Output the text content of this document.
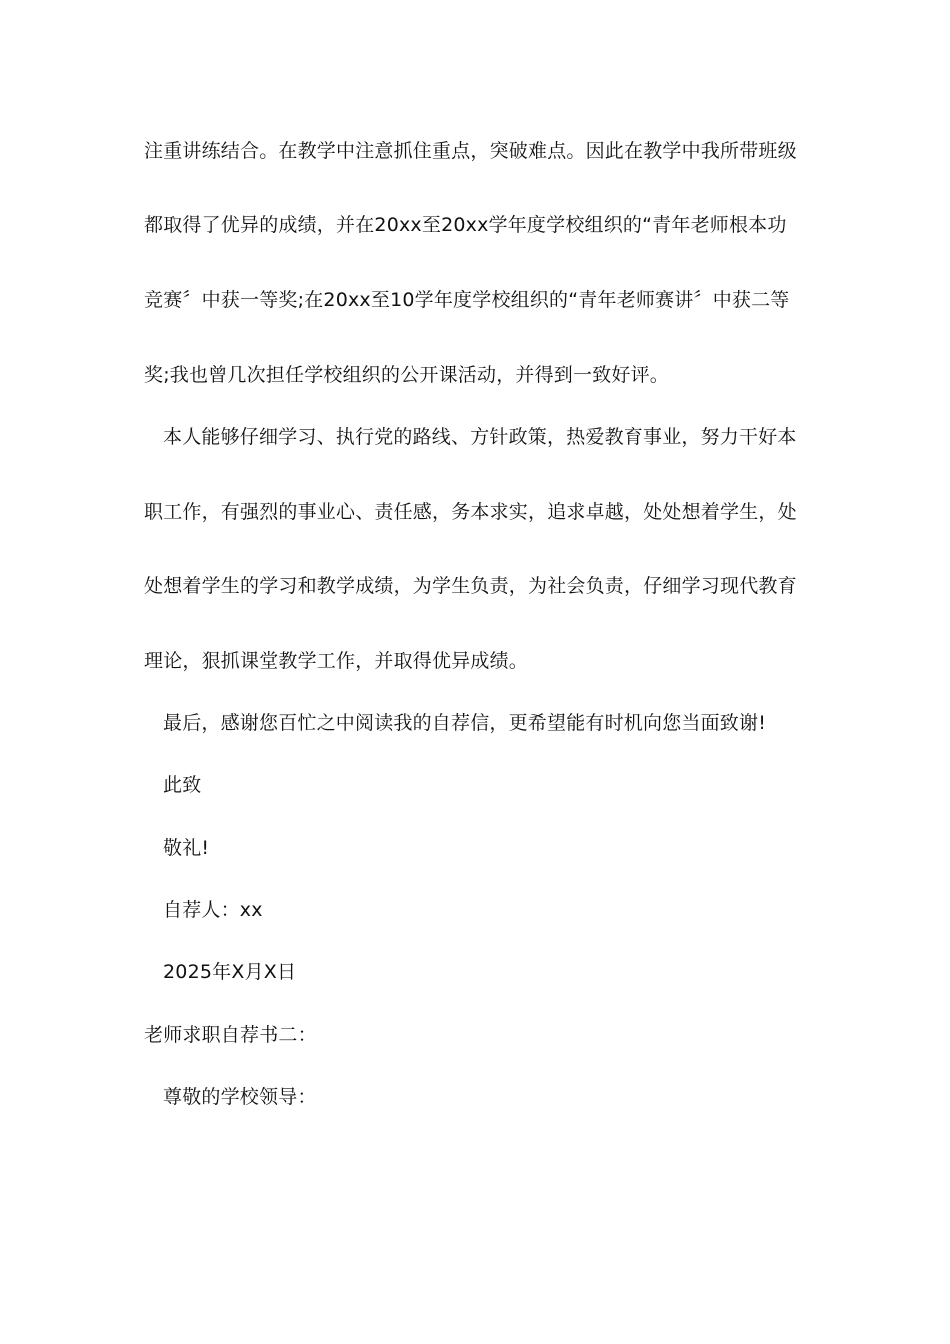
注重讲练结合。在教学中注意抓住重点，突破难点。因此在教学中我所带班级
都取得了优异的成绩，并在20xx至20xx学年度学校组织的“青年老师根本功
竞赛〞中获一等奖;在20xx至10学年度学校组织的“青年老师赛讲〞中获二等
奖;我也曾几次担任学校组织的公开课活动，并得到一致好评。
本人能够仔细学习、执行党的路线、方针政策，热爱教育事业，努力干好本
职工作，有强烈的事业心、责任感，务本求实，追求卓越，处处想着学生，处
处想着学生的学习和教学成绩，为学生负责，为社会负责，仔细学习现代教育
理论，狠抓课堂教学工作，并取得优异成绩。
最后，感谢您百忙之中阅读我的自荐信，更希望能有时机向您当面致谢!
此致
敬礼!
自荐人：xx
2025年X月X日
老师求职自荐书二：
尊敬的学校领导：
